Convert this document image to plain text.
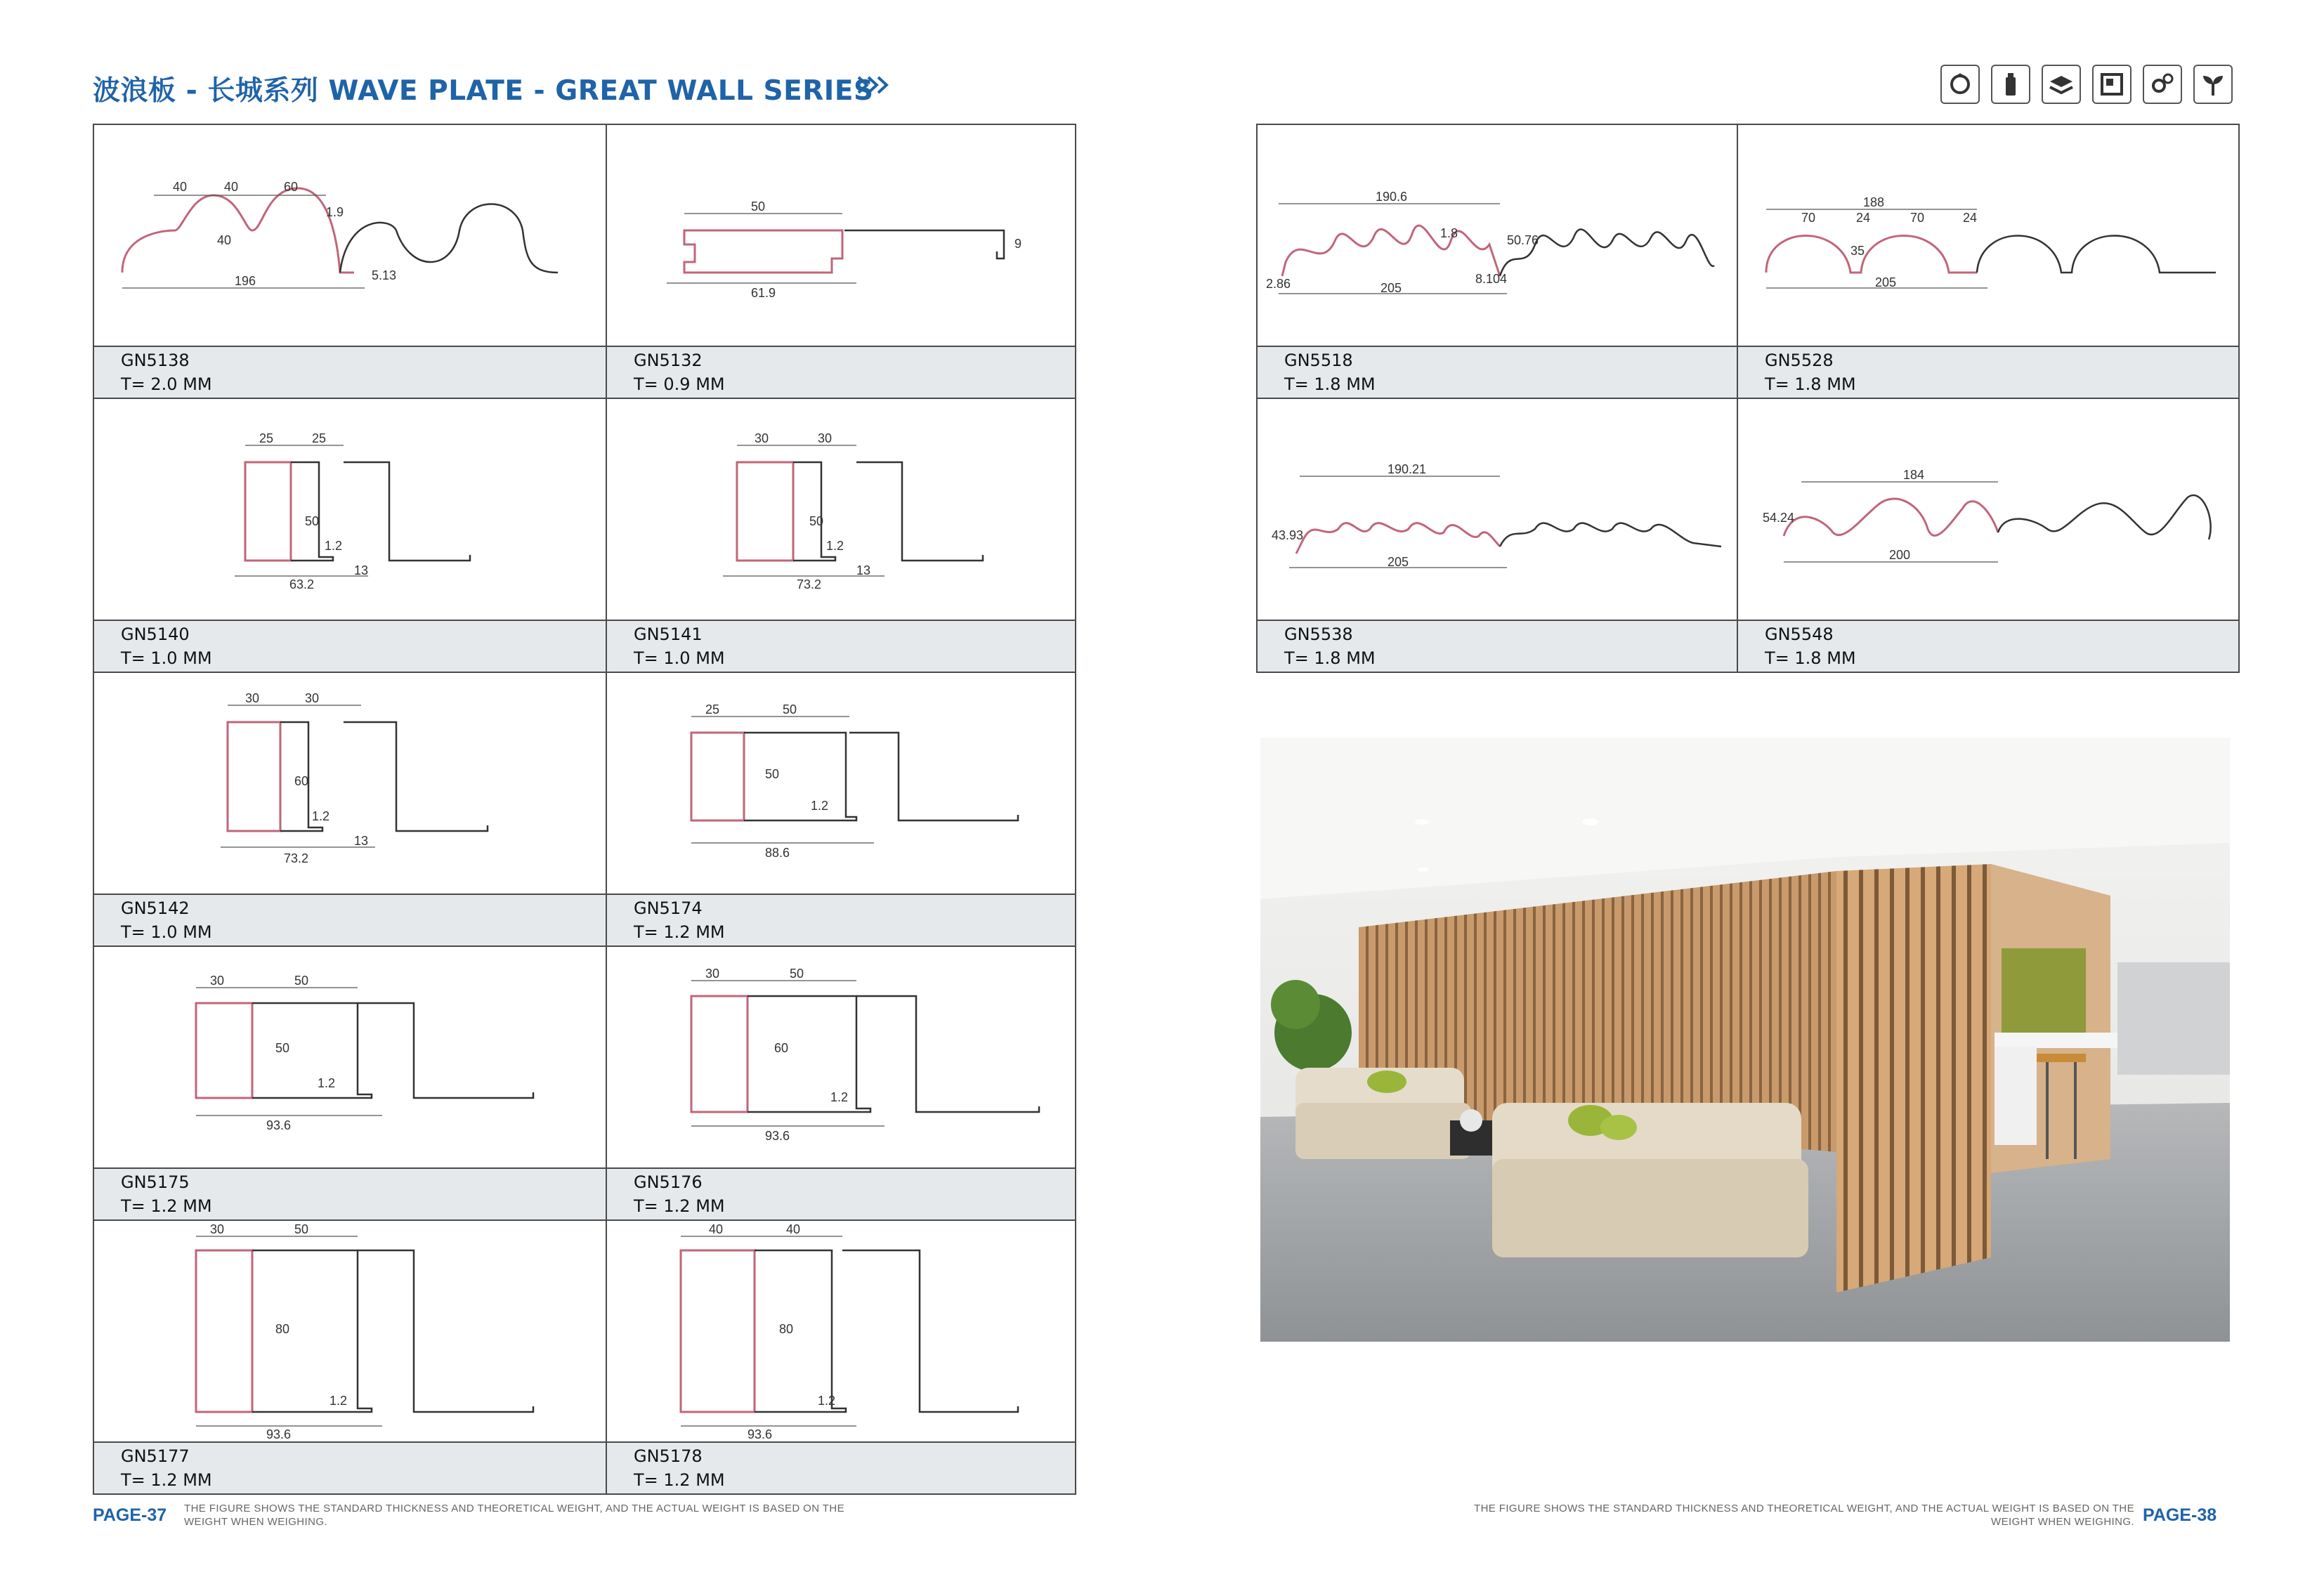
波浪板 - 长城系列 WAVE PLATE - GREAT WALL SERIES
40	40	60
1.9
40
196	5.13
GN5138
T= 2.0 MM
50
9
61.9
GN5132
T= 0.9 MM
25	25
50
1.2
63.2
13
GN5140
T= 1.0 MM
30	30
50
1.2
73.2
13
GN5141
T= 1.0 MM
30	30
60
1.2
73.2
13
GN5142
T= 1.0 MM
25	50
50
1.2
88.6
GN5174
T= 1.2 MM
30	50
50
1.2
93.6
GN5175
T= 1.2 MM
30	50
60
1.2
93.6
GN5176
T= 1.2 MM
30	50
80
1.2
93.6
GN5177
T= 1.2 MM
40	40
80
1.2
93.6
GN5178
T= 1.2 MM
190.6
1.8	50.76
2.86	205
8.104
GN5518
T= 1.8 MM
188
70	24	70	24
35
205
GN5528
T= 1.8 MM
190.21
43.93
205
GN5538
T= 1.8 MM
184
54.24
200
GN5548
T= 1.8 MM
PAGE-37 THE FIGURE SHOWS THE STANDARD THICKNESS AND THEORETICAL WEIGHT, AND THE ACTUAL WEIGHT IS BASED ON THE
WEIGHT WHEN WEIGHING.
THE FIGURE SHOWS THE STANDARD THICKNESS AND THEORETICAL WEIGHT, AND THE ACTUAL WEIGHT IS BASED ON THE
WEIGHT WHEN WEIGHING. PAGE-38
